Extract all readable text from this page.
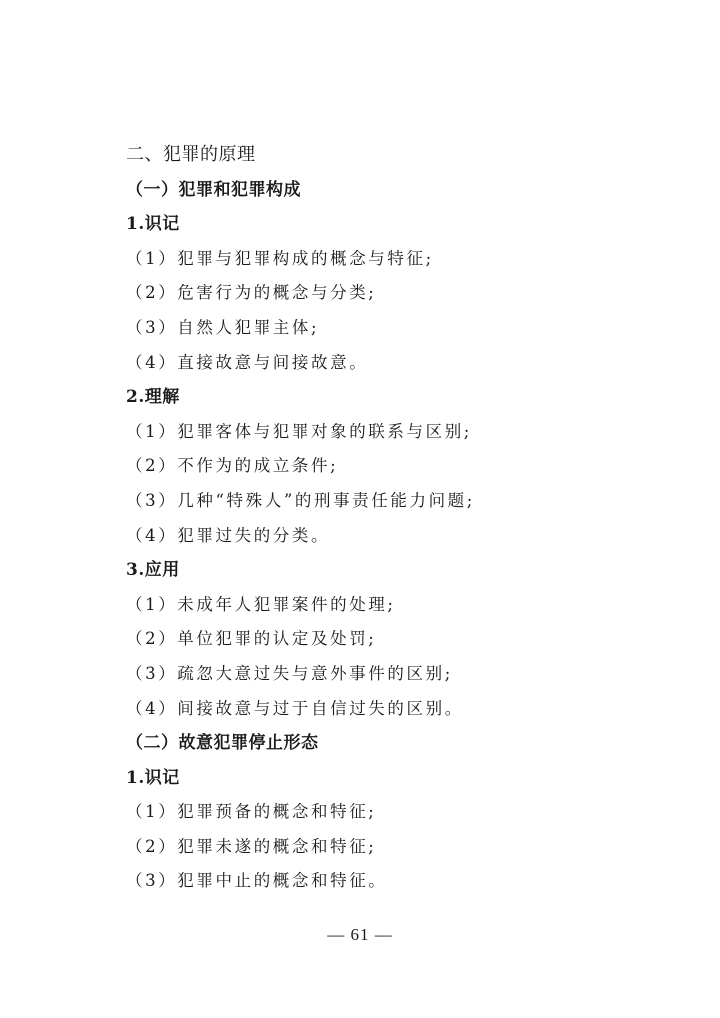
二、犯罪的原理
（一）犯罪和犯罪构成
1.识记
（1）犯罪与犯罪构成的概念与特征;
（2）危害行为的概念与分类;
（3）自然人犯罪主体;
（4）直接故意与间接故意。
2.理解
（1）犯罪客体与犯罪对象的联系与区别;
（2）不作为的成立条件;
（3）几种“特殊人”的刑事责任能力问题;
（4）犯罪过失的分类。
3.应用
（1）未成年人犯罪案件的处理;
（2）单位犯罪的认定及处罚;
（3）疏忽大意过失与意外事件的区别;
（4）间接故意与过于自信过失的区别。
（二）故意犯罪停止形态
1.识记
（1）犯罪预备的概念和特征;
（2）犯罪未遂的概念和特征;
（3）犯罪中止的概念和特征。
— 61 —
